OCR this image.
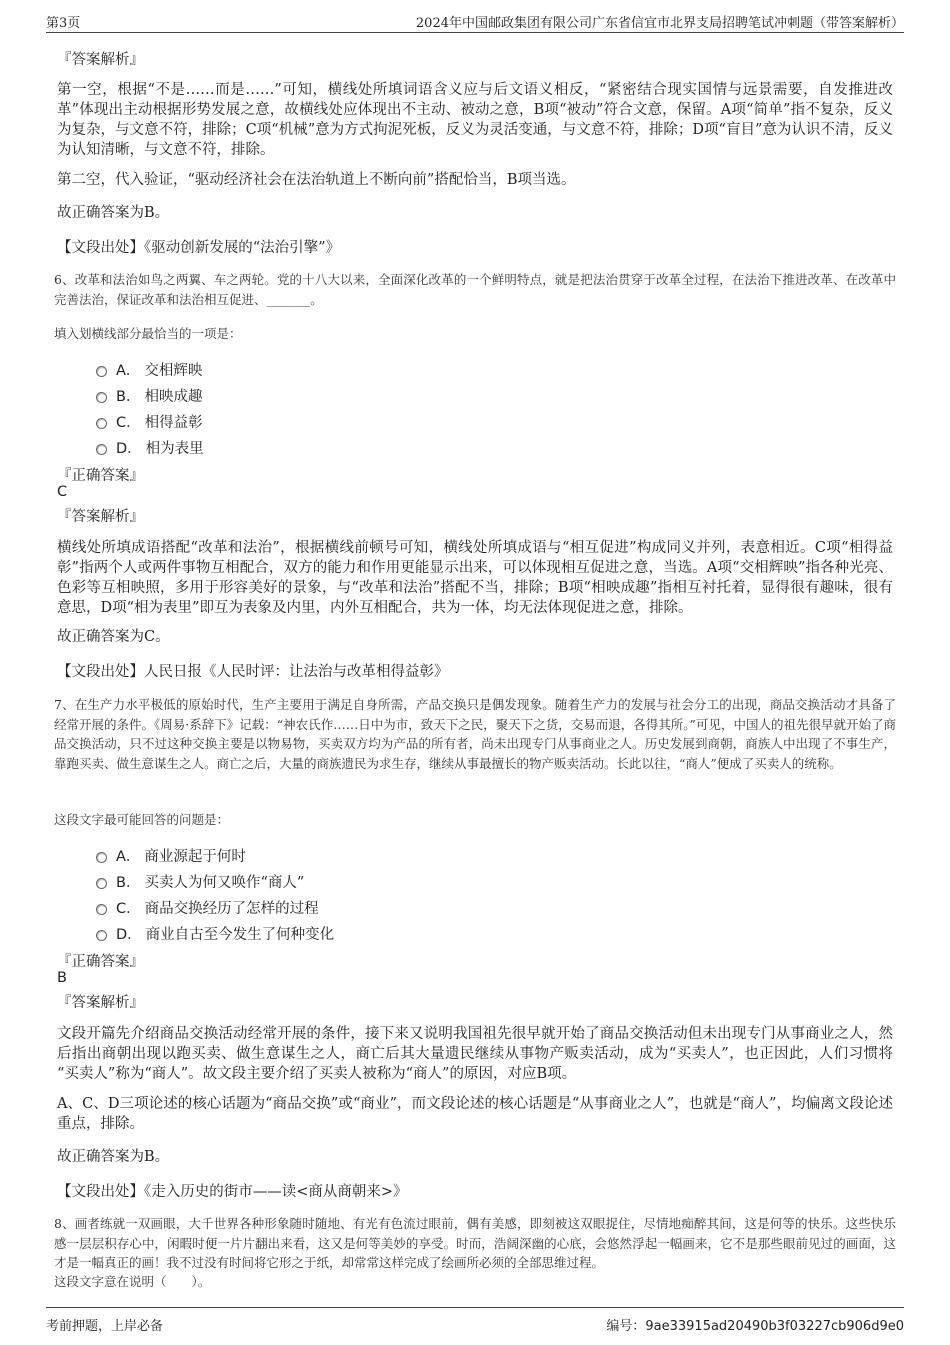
第3页	2024年中国邮政集团有限公司广东省信宜市北界支局招聘笔试冲刺题（带答案解析）
『答案解析』

第一空，根据“不是……而是……”可知，横线处所填词语含义应与后文语义相反，“紧密结合现实国情与远景需要，自发推进改革”体现出主动根据形势发展之意，故横线处应体现出不主动、被动之意，B项“被动”符合文意，保留。A项“简单”指不复杂，反义为复杂，与文意不符，排除；C项“机械”意为方式拘泥死板，反义为灵活变通，与文意不符，排除；D项“盲目”意为认识不清，反义为认知清晰，与文意不符，排除。

第二空，代入验证，“驱动经济社会在法治轨道上不断向前”搭配恰当，B项当选。

故正确答案为B。

【文段出处】《驱动创新发展的“法治引擎”》

6、改革和法治如鸟之两翼、车之两轮。党的十八大以来，全面深化改革的一个鲜明特点，就是把法治贯穿于改革全过程，在法治下推进改革、在改革中完善法治，保证改革和法治相互促进、_______。

填入划横线部分最恰当的一项是：

A． 交相辉映
B． 相映成趣
C． 相得益彰
D． 相为表里
『正确答案』
C
『答案解析』

横线处所填成语搭配“改革和法治”，根据横线前顿号可知，横线处所填成语与“相互促进”构成同义并列，表意相近。C项“相得益彰”指两个人或两件事物互相配合，双方的能力和作用更能显示出来，可以体现相互促进之意，当选。A项“交相辉映”指各种光亮、色彩等互相映照，多用于形容美好的景象，与“改革和法治”搭配不当，排除；B项“相映成趣”指相互衬托着，显得很有趣味，很有意思，D项“相为表里”即互为表象及内里，内外互相配合，共为一体，均无法体现促进之意，排除。

故正确答案为C。

【文段出处】人民日报《人民时评：让法治与改革相得益彰》

7、在生产力水平极低的原始时代，生产主要用于满足自身所需，产品交换只是偶发现象。随着生产力的发展与社会分工的出现，商品交换活动才具备了经常开展的条件。《周易·系辞下》记载：“神农氏作……日中为市，致天下之民，聚天下之货，交易而退，各得其所。”可见，中国人的祖先很早就开始了商品交换活动，只不过这种交换主要是以物易物，买卖双方均为产品的所有者，尚未出现专门从事商业之人。历史发展到商朝，商族人中出现了不事生产，靠跑买卖、做生意谋生之人。商亡之后，大量的商族遗民为求生存，继续从事最擅长的物产贩卖活动。长此以往，“商人”便成了买卖人的统称。

这段文字最可能回答的问题是：

A． 商业源起于何时
B． 买卖人为何又唤作“商人”
C． 商品交换经历了怎样的过程
D． 商业自古至今发生了何种变化
『正确答案』
B
『答案解析』

文段开篇先介绍商品交换活动经常开展的条件，接下来又说明我国祖先很早就开始了商品交换活动但未出现专门从事商业之人，然后指出商朝出现以跑买卖、做生意谋生之人，商亡后其大量遗民继续从事物产贩卖活动，成为“买卖人”，也正因此，人们习惯将 “买卖人”称为“商人”。故文段主要介绍了买卖人被称为“商人”的原因，对应B项。

A、C、D三项论述的核心话题为“商品交换”或“商业”，而文段论述的核心话题是“从事商业之人”，也就是“商人”，均偏离文段论述重点，排除。

故正确答案为B。

【文段出处】《走入历史的街市——读<商从商朝来>》

8、画者练就一双画眼，大千世界各种形象随时随地、有光有色流过眼前，偶有美感，即刻被这双眼捉住，尽情地痴醉其间，这是何等的快乐。这些快乐感一层层积存心中，闲暇时便一片片翻出来看，这又是何等美妙的享受。时而，浩阔深幽的心底，会悠然浮起一幅画来，它不是那些眼前见过的画面，这才是一幅真正的画！我不过没有时间将它形之于纸，却常常这样完成了绘画所必须的全部思维过程。

这段文字意在说明（　　）。

考前押题，上岸必备	编号：9ae33915ad20490b3f03227cb906d9e0
